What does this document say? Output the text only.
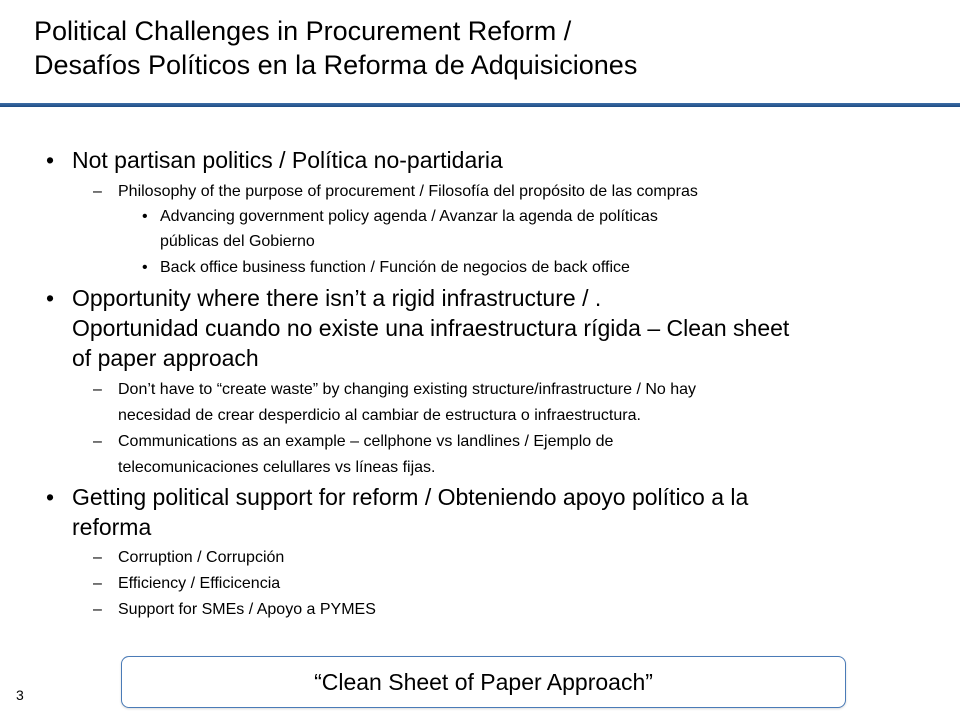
Political Challenges in Procurement Reform /
Desafíos Políticos en la Reforma de Adquisiciones
• Not partisan politics / Política no-partidaria
– Philosophy of the purpose of procurement / Filosofía del propósito de las compras
• Advancing government policy agenda / Avanzar la agenda de políticas
públicas del Gobierno
• Back office business function / Función de negocios de back office
• Opportunity where there isn’t a rigid infrastructure / .
Oportunidad cuando no existe una infraestructura rígida – Clean sheet
of paper approach
– Don’t have to “create waste” by changing existing structure/infrastructure / No hay
necesidad de crear desperdicio al cambiar de estructura o infraestructura.
– Communications as an example – cellphone vs landlines / Ejemplo de
telecomunicaciones celullares vs líneas fijas.
• Getting political support for reform / Obteniendo apoyo político a la
reforma
– Corruption / Corrupción
– Efficiency / Efficicencia
– Support for SMEs / Apoyo a PYMES
“Clean Sheet of Paper Approach”
3
